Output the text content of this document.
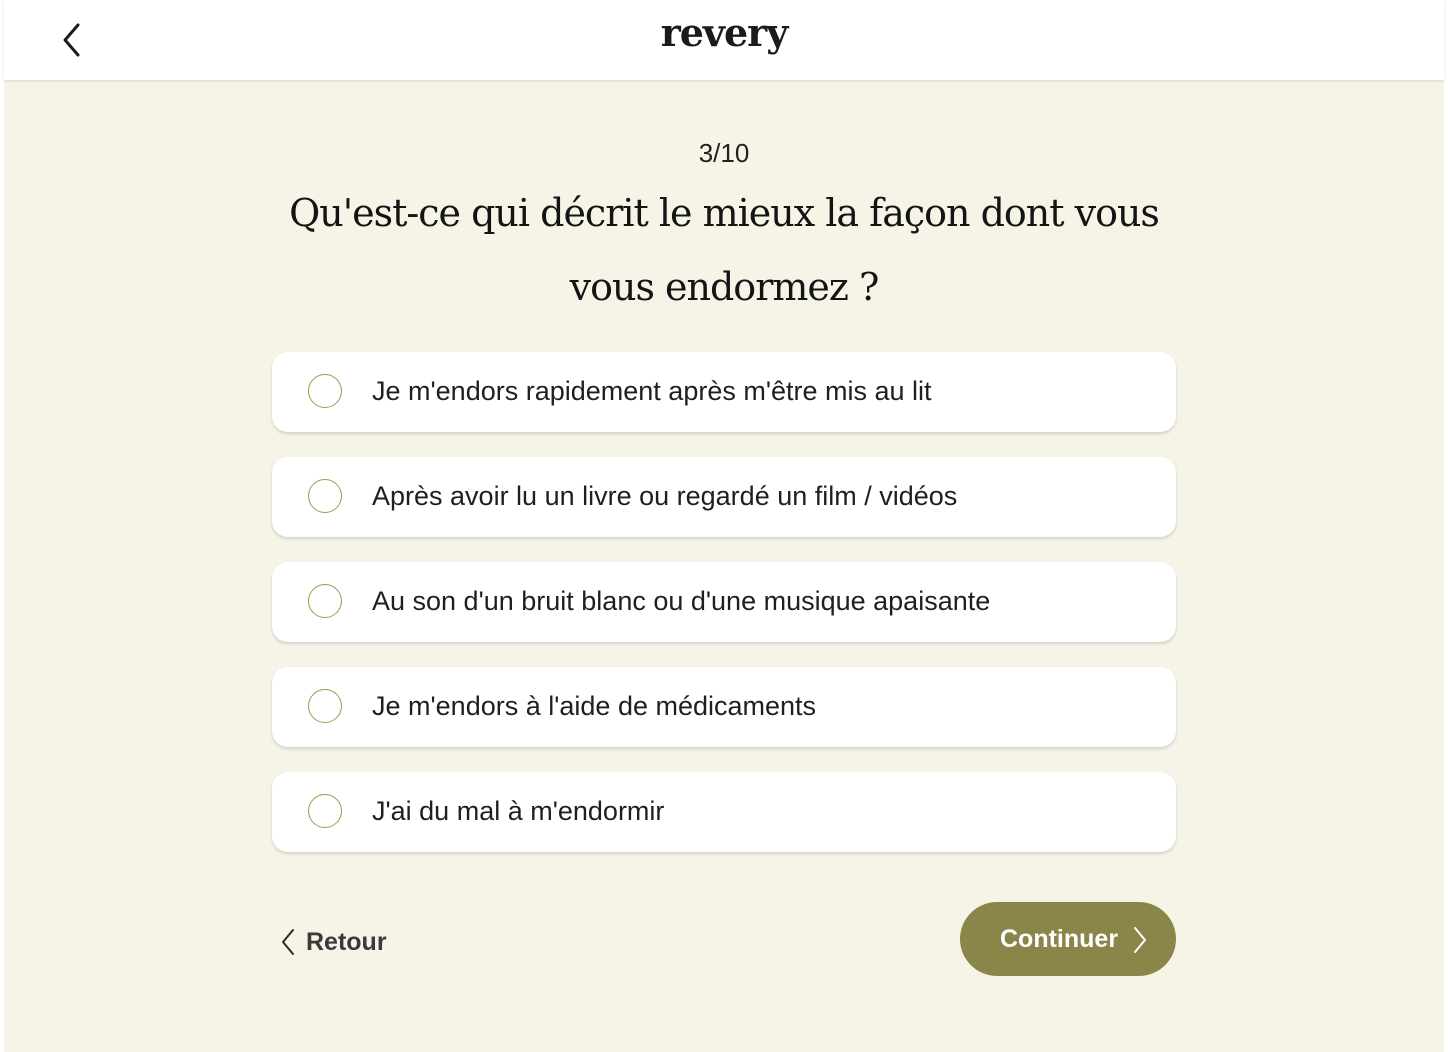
revery
3/10
Qu'est-ce qui décrit le mieux la façon dont vous
vous endormez ?
Je m'endors rapidement après m'être mis au lit
Après avoir lu un livre ou regardé un film / vidéos
Au son d'un bruit blanc ou d'une musique apaisante
Je m'endors à l'aide de médicaments
J'ai du mal à m'endormir
Retour	Continuer
